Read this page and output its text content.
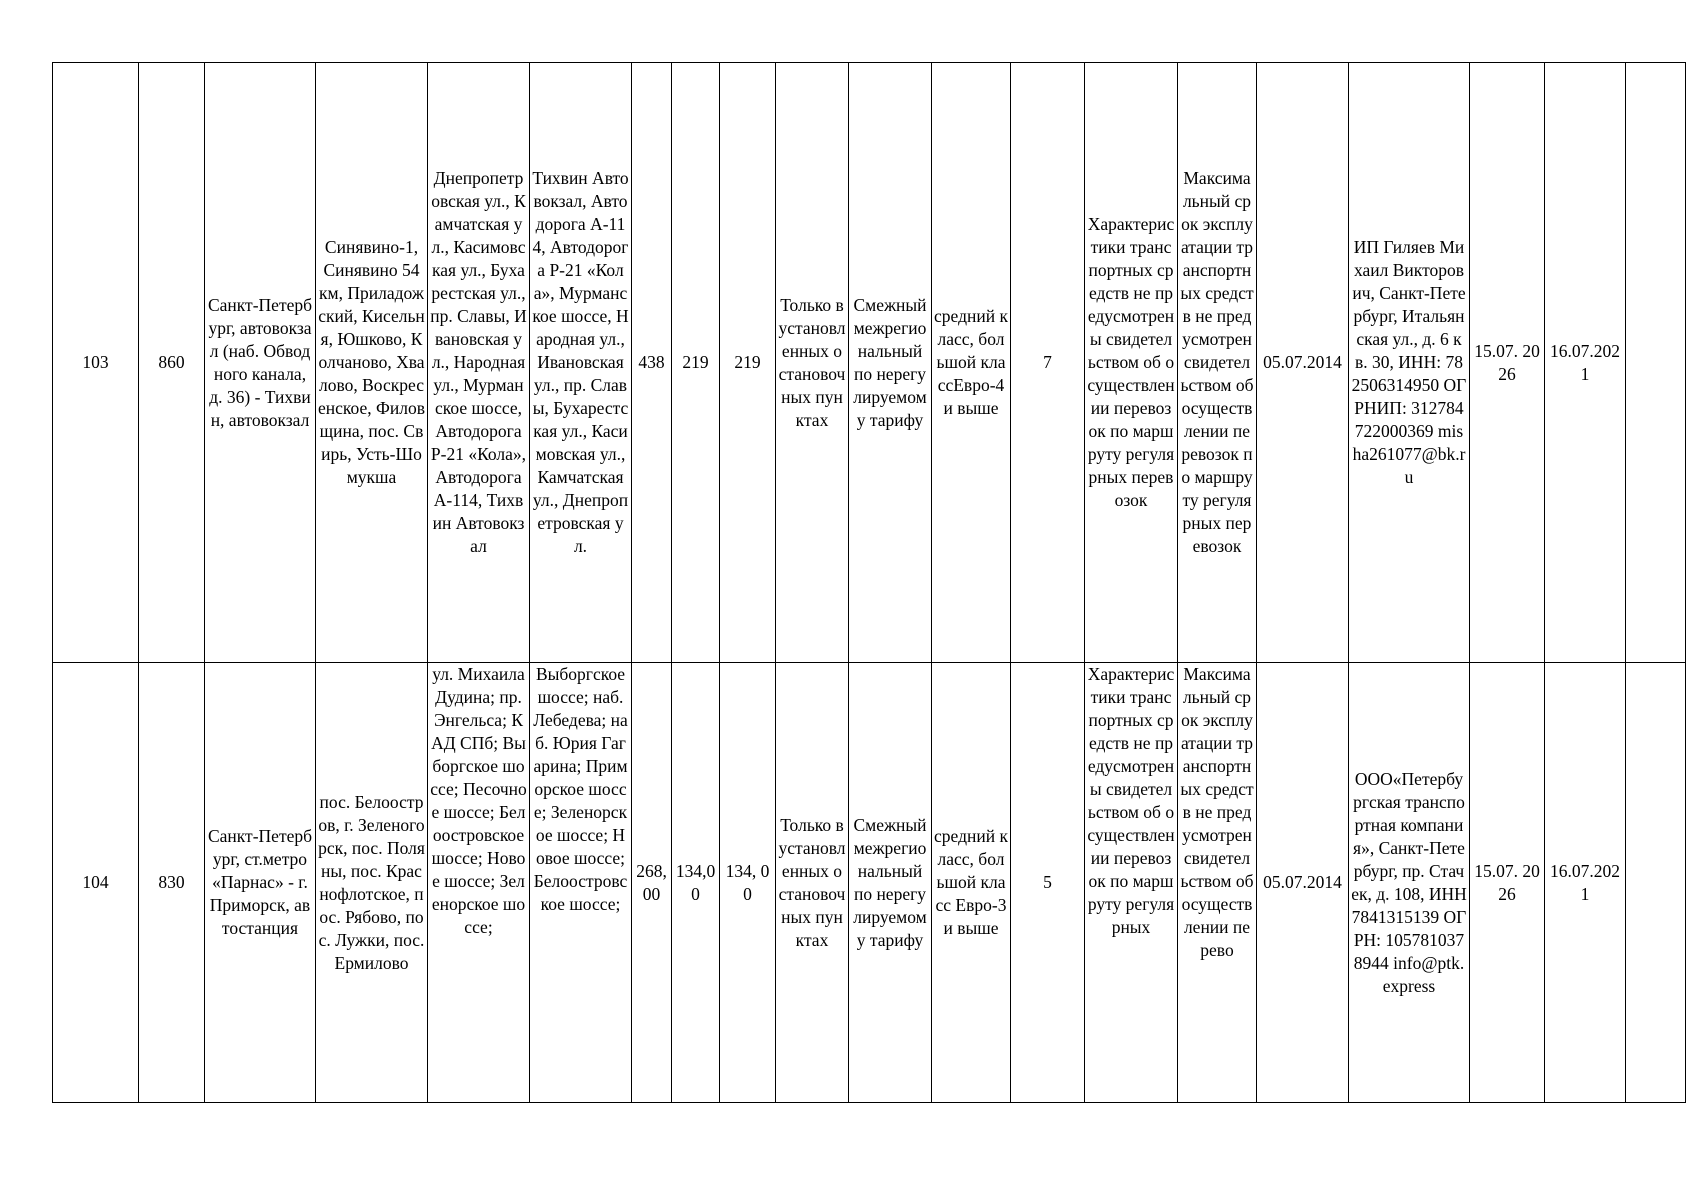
103	860	Санкт-Петербург, автовокзал (наб. Обводного канала, д. 36) - Тихвин, автовокзал	Синявино-1, Синявино 54 км, Приладожский, Кисельня, Юшково, Колчаново, Хвалово, Воскресенское, Филовщина, пос. Свирь, Усть-Шомукша	Днепропетровская ул., Камчатская ул., Касимовская ул., Бухарестская ул., пр. Славы, Ивановская ул., Народная ул., Мурманское шоссе, Автодорога Р-21 «Кола», Автодорога А-114, Тихвин Автовокзал	Тихвин Автовокзал, Автодорога А-114, Автодорога Р-21 «Кола», Мурманское шоссе, Народная ул., Ивановская ул., пр. Славы, Бухарестская ул., Касимовская ул., Камчатская ул., Днепропетровская ул.	438	219	219	Только в установленных остановочных пунктах	Смежный межрегиональный по нерегулируемому тарифу	средний класс, большой классЕвро-4 и выше	7	Характеристики транспортных средств не предусмотрены свидетельством об осуществлении перевозок по маршруту регулярных перевозок	Максимальный срок эксплуатации транспортных средств не предусмотрен свидетельством об осуществлении перевозок по маршруту регулярных перевозок	05.07.2014	ИП Гиляев Михаил Викторович, Санкт-Петербург, Итальянская ул., д. 6 кв. 30, ИНН: 782506314950 ОГРНИП: 312784722000369 misha261077@bk.ru	15.07. 2026	16.07.2021	
104	830	Санкт-Петербург, ст.метро «Парнас» - г. Приморск, автостанция	пос. Белоостров, г. Зеленогорск, пос. Поляны, пос. Краснофлотское, пос. Рябово, пос. Лужки, пос. Ермилово	ул. Михаила Дудина; пр. Энгельса; КАД СПб; Выборгское шоссе; Песочное шоссе; Белоостровское шоссе; Новое шоссе; Зеленорское шоссе;	Выборгское шоссе; наб. Лебедева; наб. Юрия Гагарина; Приморское шоссе; Зеленорское шоссе; Новое шоссе; Белоостровское шоссе;	268,00	134,00	134, 00	Только в установленных остановочных пунктах	Смежный межрегиональный по нерегулируемому тарифу	средний класс, большой класс Евро-3 и выше	5	Характеристики транспортных средств не предусмотрены свидетельством об осуществлении перевозок по маршруту регулярных	Максимальный срок эксплуатации транспортных средств не предусмотрен свидетельством об осуществлении перево	05.07.2014	ООО«Петербургская транспортная компания», Санкт-Петербург, пр. Стачек, д. 108, ИНН 7841315139 ОГРН: 1057810378944 info@ptk.express	15.07. 2026	16.07.2021	
